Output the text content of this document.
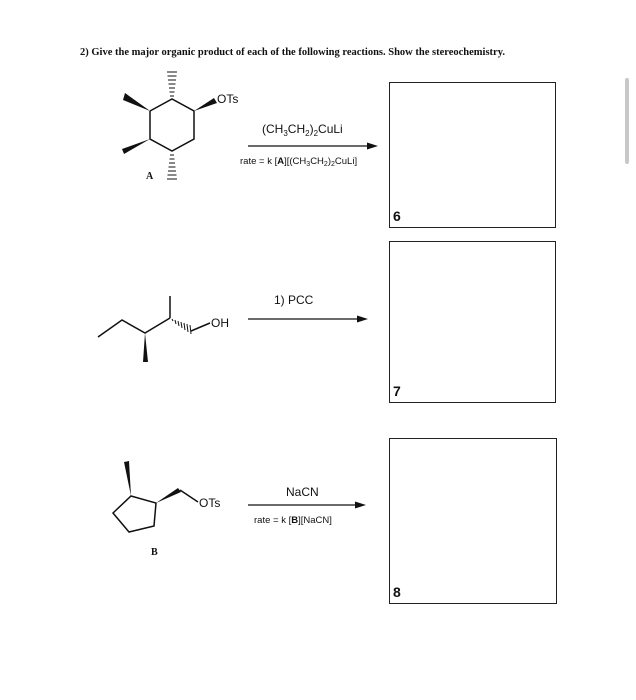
2) Give the major organic product of each of the following reactions. Show the stereochemistry.
OTs
A
$(CH_3CH_2)_2CuLi$
rate = k $[A][(CH_3CH_2)_2CuLi]$
OH
1) PCC
OTs
B
NaCN
rate = k [B][NaCN]
6
7
8
